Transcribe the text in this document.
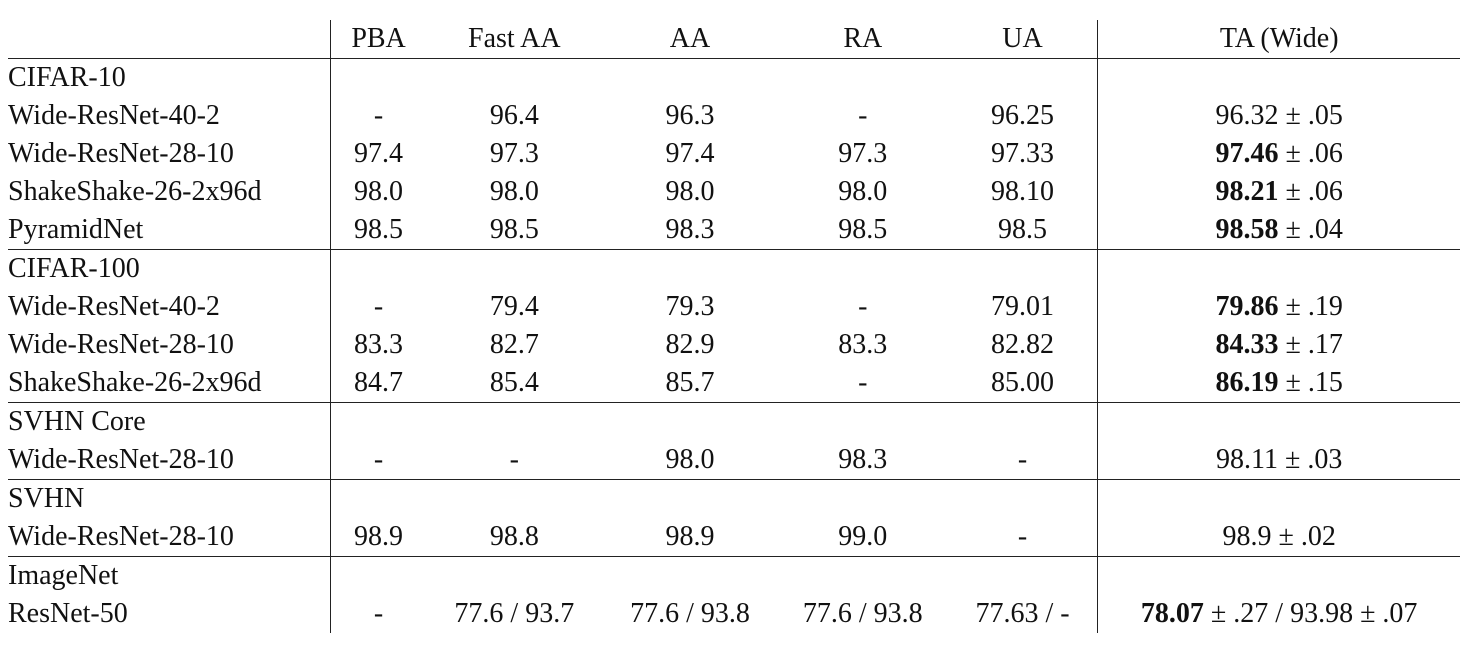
	PBA	Fast AA	AA	RA	UA	TA (Wide)
CIFAR-10						
Wide-ResNet-40-2	-	96.4	96.3	-	96.25	96.32 ± .05
Wide-ResNet-28-10	97.4	97.3	97.4	97.3	97.33	97.46 ± .06
ShakeShake-26-2x96d	98.0	98.0	98.0	98.0	98.10	98.21 ± .06
PyramidNet	98.5	98.5	98.3	98.5	98.5	98.58 ± .04
CIFAR-100						
Wide-ResNet-40-2	-	79.4	79.3	-	79.01	79.86 ± .19
Wide-ResNet-28-10	83.3	82.7	82.9	83.3	82.82	84.33 ± .17
ShakeShake-26-2x96d	84.7	85.4	85.7	-	85.00	86.19 ± .15
SVHN Core						
Wide-ResNet-28-10	-	-	98.0	98.3	-	98.11 ± .03
SVHN						
Wide-ResNet-28-10	98.9	98.8	98.9	99.0	-	98.9 ± .02
ImageNet						
ResNet-50	-	77.6 / 93.7	77.6 / 93.8	77.6 / 93.8	77.63 / -	78.07 ± .27 / 93.98 ± .07
